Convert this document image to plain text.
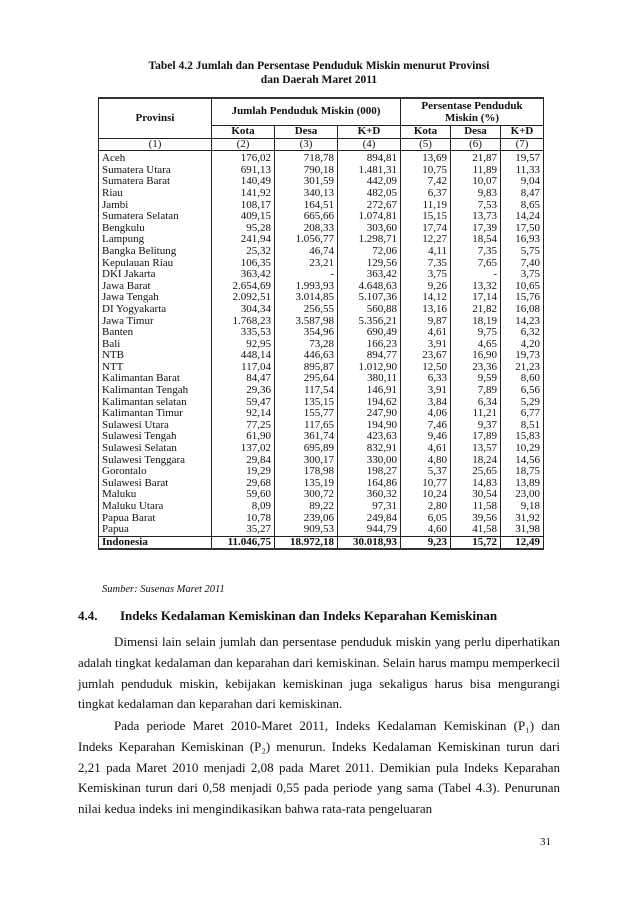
Tabel 4.2 Jumlah dan Persentase Penduduk Miskin menurut Provinsi
dan Daerah Maret 2011
Provinsi	Jumlah Penduduk Miskin (000)			Persentase Penduduk Miskin (%)		
	Kota	Desa	K+D	Kota	Desa	K+D
(1)	(2)	(3)	(4)	(5)	(6)	(7)
Aceh	176,02	718,78	894,81	13,69	21,87	19,57
Sumatera Utara	691,13	790,18	1.481,31	10,75	11,89	11,33
Sumatera Barat	140,49	301,59	442,09	7,42	10,07	9,04
Riau	141,92	340,13	482,05	6,37	9,83	8,47
Jambi	108,17	164,51	272,67	11,19	7,53	8,65
Sumatera Selatan	409,15	665,66	1.074,81	15,15	13,73	14,24
Bengkulu	95,28	208,33	303,60	17,74	17,39	17,50
Lampung	241,94	1.056,77	1.298,71	12,27	18,54	16,93
Bangka Belitung	25,32	46,74	72,06	4,11	7,35	5,75
Kepulauan Riau	106,35	23,21	129,56	7,35	7,65	7,40
DKI Jakarta	363,42	-	363,42	3,75	-	3,75
Jawa Barat	2.654,69	1.993,93	4.648,63	9,26	13,32	10,65
Jawa Tengah	2.092,51	3.014,85	5.107,36	14,12	17,14	15,76
DI Yogyakarta	304,34	256,55	560,88	13,16	21,82	16,08
Jawa Timur	1.768,23	3.587,98	5.356,21	9,87	18,19	14,23
Banten	335,53	354,96	690,49	4,61	9,75	6,32
Bali	92,95	73,28	166,23	3,91	4,65	4,20
NTB	448,14	446,63	894,77	23,67	16,90	19,73
NTT	117,04	895,87	1.012,90	12,50	23,36	21,23
Kalimantan Barat	84,47	295,64	380,11	6,33	9,59	8,60
Kalimantan Tengah	29,36	117,54	146,91	3,91	7,89	6,56
Kalimantan selatan	59,47	135,15	194,62	3,84	6,34	5,29
Kalimantan Timur	92,14	155,77	247,90	4,06	11,21	6,77
Sulawesi Utara	77,25	117,65	194,90	7,46	9,37	8,51
Sulawesi Tengah	61,90	361,74	423,63	9,46	17,89	15,83
Sulawesi Selatan	137,02	695,89	832,91	4,61	13,57	10,29
Sulawesi Tenggara	29,84	300,17	330,00	4,80	18,24	14,56
Gorontalo	19,29	178,98	198,27	5,37	25,65	18,75
Sulawesi Barat	29,68	135,19	164,86	10,77	14,83	13,89
Maluku	59,60	300,72	360,32	10,24	30,54	23,00
Maluku Utara	8,09	89,22	97,31	2,80	11,58	9,18
Papua Barat	10,78	239,06	249,84	6,05	39,56	31,92
Papua	35,27	909,53	944,79	4,60	41,58	31,98
Indonesia	11.046,75	18.972,18	30.018,93	9,23	15,72	12,49
Sumber: Susenas Maret 2011
4.4. Indeks Kedalaman Kemiskinan dan Indeks Keparahan Kemiskinan
Dimensi lain selain jumlah dan persentase penduduk miskin yang perlu diperhatikan adalah tingkat kedalaman dan keparahan dari kemiskinan. Selain harus mampu memperkecil jumlah penduduk miskin, kebijakan kemiskinan juga sekaligus harus bisa mengurangi tingkat kedalaman dan keparahan dari kemiskinan.
Pada periode Maret 2010-Maret 2011, Indeks Kedalaman Kemiskinan (P₁) dan Indeks Keparahan Kemiskinan (P₂) menurun. Indeks Kedalaman Kemiskinan turun dari 2,21 pada Maret 2010 menjadi 2,08 pada Maret 2011. Demikian pula Indeks Keparahan Kemiskinan turun dari 0,58 menjadi 0,55 pada periode yang sama (Tabel 4.3). Penurunan nilai kedua indeks ini mengindikasikan bahwa rata-rata pengeluaran
31
